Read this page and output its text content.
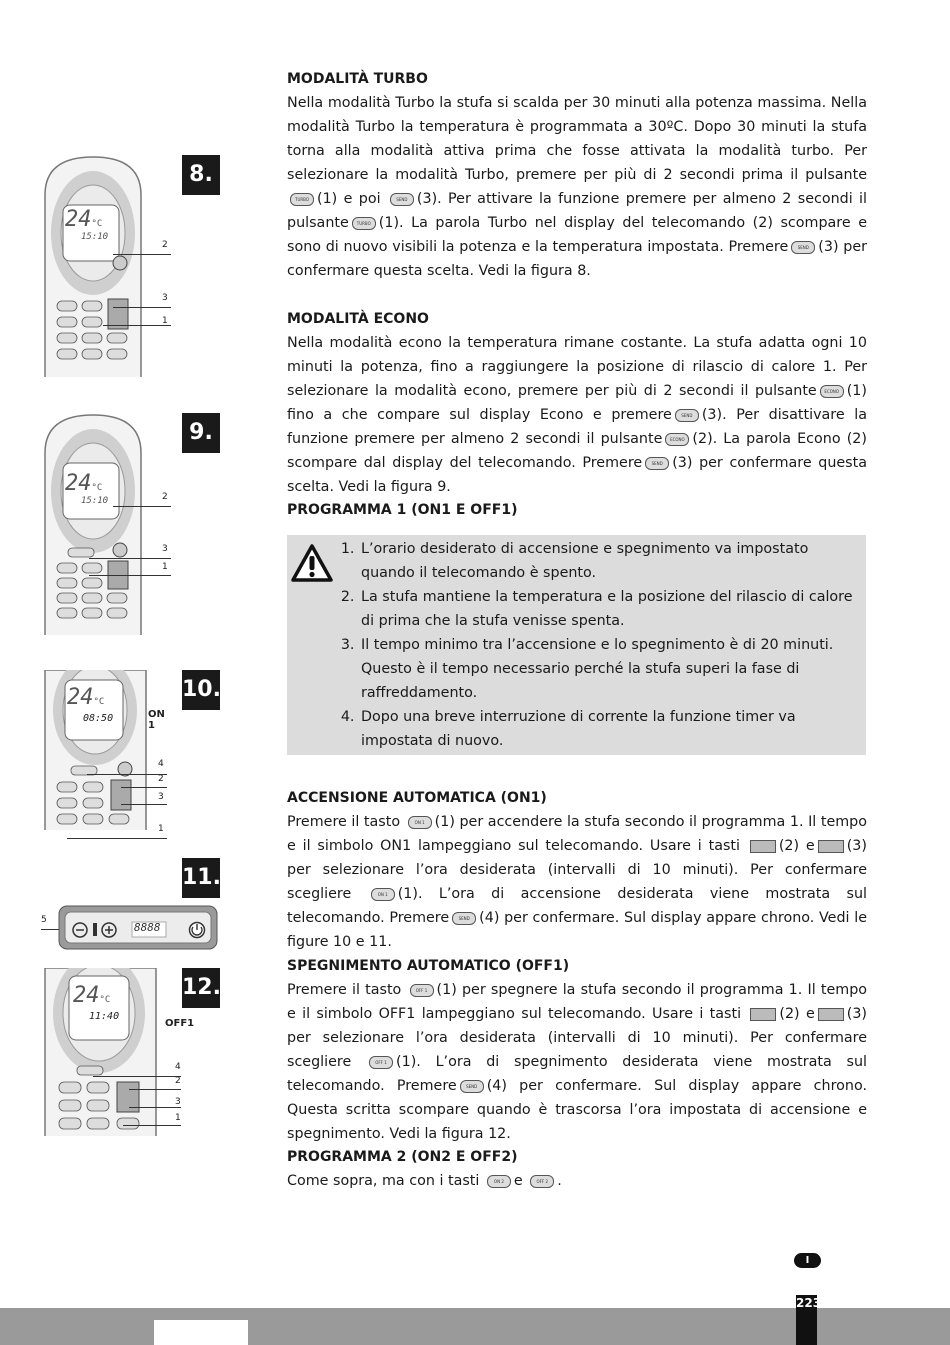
MODALITÀ TURBO

Nella modalità Turbo la stufa si scalda per 30 minuti alla potenza massima. Nella modalità Turbo la temperatura è programmata a 30ºC. Dopo 30 minuti la stufa torna alla modalità attiva prima che fosse attivata la modalità turbo. Per selezionare la modalità Turbo, premere per più di 2 secondi prima il pulsanteTURBO (1) e poi	SEND (3). Per attivare la funzione premere per almeno 2 secondi il pulsante TURBO (1). La parola Turbo nel display del telecomando (2) scompare e sono di nuovo visibili la potenza e la temperatura impostata. Premere SEND (3) per confermare questa scelta. Vedi la figura 8.

MODALITÀ ECONO

Nella modalità econo la temperatura rimane costante. La stufa adatta ogni 10 minuti la potenza, fino a raggiungere la posizione di rilascio di calore 1. Per selezionare la modalità econo, premere per più di 2 secondi il pulsante ECONO (1) fino a che compare sul display Econo e premere SEND (3). Per disattivare la funzione premere per almeno 2 secondi il pulsante ECONO (2). La parola Econo (2) scompare dal display del telecomando. Premere SEND (3) per confermare questa scelta. Vedi la figura 9.

PROGRAMMA 1 (ON1 E OFF1)

1. L’orario desiderato di accensione e spegnimento va impostato quando il telecomando è spento.
2. La stufa mantiene la temperatura e la posizione del rilascio di calore di prima che la stufa venisse spenta.
3. Il tempo minimo tra l’accensione e lo spegnimento è di 20 minuti. Questo è il tempo necessario perché la stufa superi la fase di raffreddamento.
4. Dopo una breve interruzione di corrente la funzione timer va impostata di nuovo.

ACCENSIONE AUTOMATICA (ON1)

Premere il tasto	ON 1 (1) per accendere la stufa secondo il programma 1. Il tempo e il simbolo ON1 lampeggiano sul telecomando. Usare i tasti	(2) e (3) per selezionare l’ora desiderata (intervalli di 10 minuti). Per confermare scegliere	ON 1 (1). L’ora di accensione desiderata viene mostrata sul telecomando. Premere SEND (4) per confermare. Sul display appare chrono. Vedi le figure 10 e 11.

SPEGNIMENTO AUTOMATICO (OFF1)

Premere il tasto	OFF 1 (1) per spegnere la stufa secondo il programma 1. Il tempo e il simbolo OFF1 lampeggiano sul telecomando. Usare i tasti	(2) e (3) per selezionare l’ora desiderata (intervalli di 10 minuti). Per confermare scegliere	OFF 1 (1). L’ora di spegnimento desiderata viene mostrata sul telecomando. Premere SEND (4) per confermare. Sul display appare chrono. Questa scritta scompare quando è trascorsa l’ora impostata di accensione e spegnimento. Vedi la figura 12.

PROGRAMMA 2 (ON2 E OFF2)

Come sopra, ma con i tasti	ON 2 e	OFF 2 .

24°C
$^{15:10}$
2
3
1
8.
24°C
$^{15:10}$	2
3
1
9.
24°C
$^{08:50}$	ON 1
4
2
3
1
10.
11.
5
8888
24°C
$^{11:40}$
OFF1
4
2
3
1
12.
I
223
